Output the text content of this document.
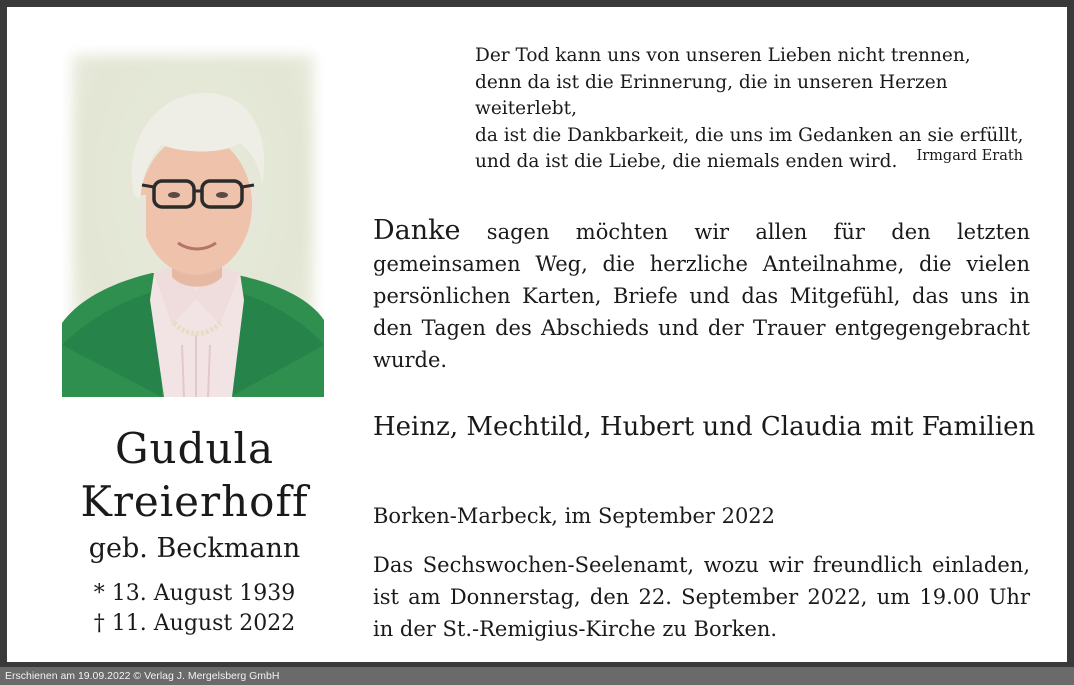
Gudula
Kreierhoff
geb. Beckmann
* 13. August 1939
† 11. August 2022
Der Tod kann uns von unseren Lieben nicht trennen,
denn da ist die Erinnerung, die in unseren Herzen weiterlebt,
da ist die Dankbarkeit, die uns im Gedanken an sie erfüllt,
und da ist die Liebe, die niemals enden wird.	Irmgard Erath
Danke sagen möchten wir allen für den letzten gemeinsamen Weg, die herzliche Anteilnahme, die vielen persönlichen Karten, Briefe und das Mitgefühl, das uns in den Tagen des Abschieds und der Trauer entgegengebracht wurde.
Heinz, Mechtild, Hubert und Claudia mit Familien
Borken-Marbeck, im September 2022
Das Sechswochen-Seelenamt, wozu wir freundlich einladen, ist am Donnerstag, den 22. September 2022, um 19.00 Uhr in der St.-Remigius-Kirche zu Borken.
Erschienen am 19.09.2022 © Verlag J. Mergelsberg GmbH
